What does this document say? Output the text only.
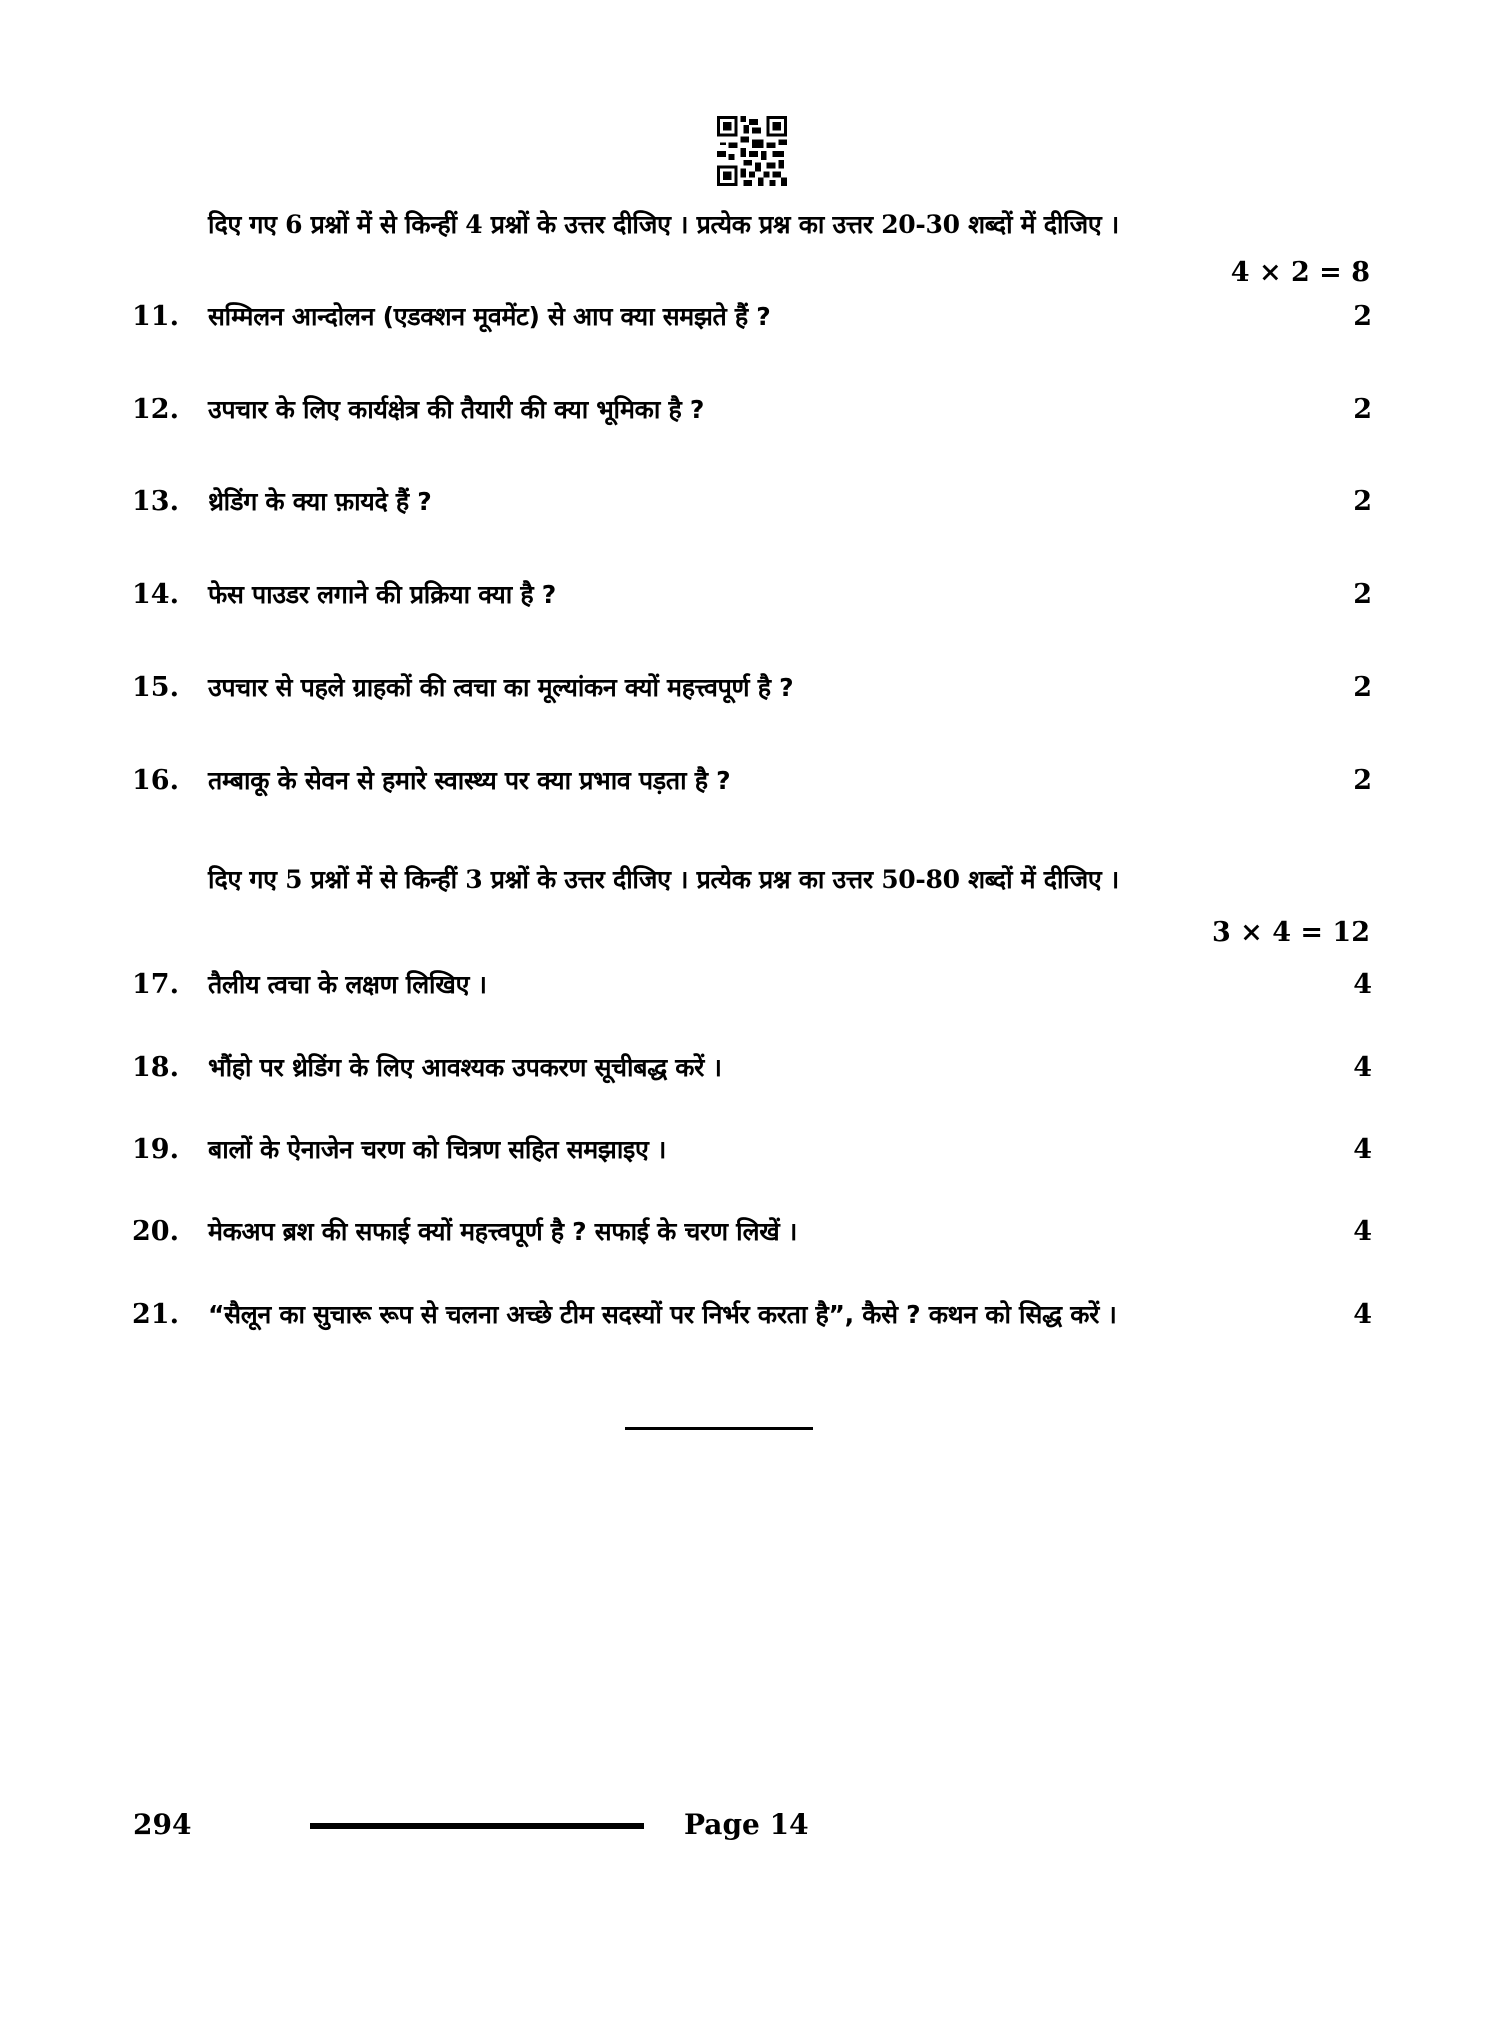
दिए गए 6 प्रश्नों में से किन्हीं 4 प्रश्नों के उत्तर दीजिए । प्रत्येक प्रश्न का उत्तर 20-30 शब्दों में दीजिए ।
4 × 2 = 8
11.	सम्मिलन आन्दोलन (एडक्शन मूवमेंट) से आप क्या समझते हैं ?	2
12.	उपचार के लिए कार्यक्षेत्र की तैयारी की क्या भूमिका है ?	2
13.	थ्रेडिंग के क्या फ़ायदे हैं ?	2
14.	फेस पाउडर लगाने की प्रक्रिया क्या है ?	2
15.	उपचार से पहले ग्राहकों की त्वचा का मूल्यांकन क्यों महत्त्वपूर्ण है ?	2
16.	तम्बाकू के सेवन से हमारे स्वास्थ्य पर क्या प्रभाव पड़ता है ?	2
दिए गए 5 प्रश्नों में से किन्हीं 3 प्रश्नों के उत्तर दीजिए । प्रत्येक प्रश्न का उत्तर 50-80 शब्दों में दीजिए ।
3 × 4 = 12
17.	तैलीय त्वचा के लक्षण लिखिए ।	4
18.	भौंहो पर थ्रेडिंग के लिए आवश्यक उपकरण सूचीबद्ध करें ।	4
19.	बालों के ऐनाजेन चरण को चित्रण सहित समझाइए ।	4
20.	मेकअप ब्रश की सफाई क्यों महत्त्वपूर्ण है ? सफाई के चरण लिखें ।	4
21.	“सैलून का सुचारू रूप से चलना अच्छे टीम सदस्यों पर निर्भर करता है”, कैसे ? कथन को सिद्ध करें ।	4
294	Page 14
